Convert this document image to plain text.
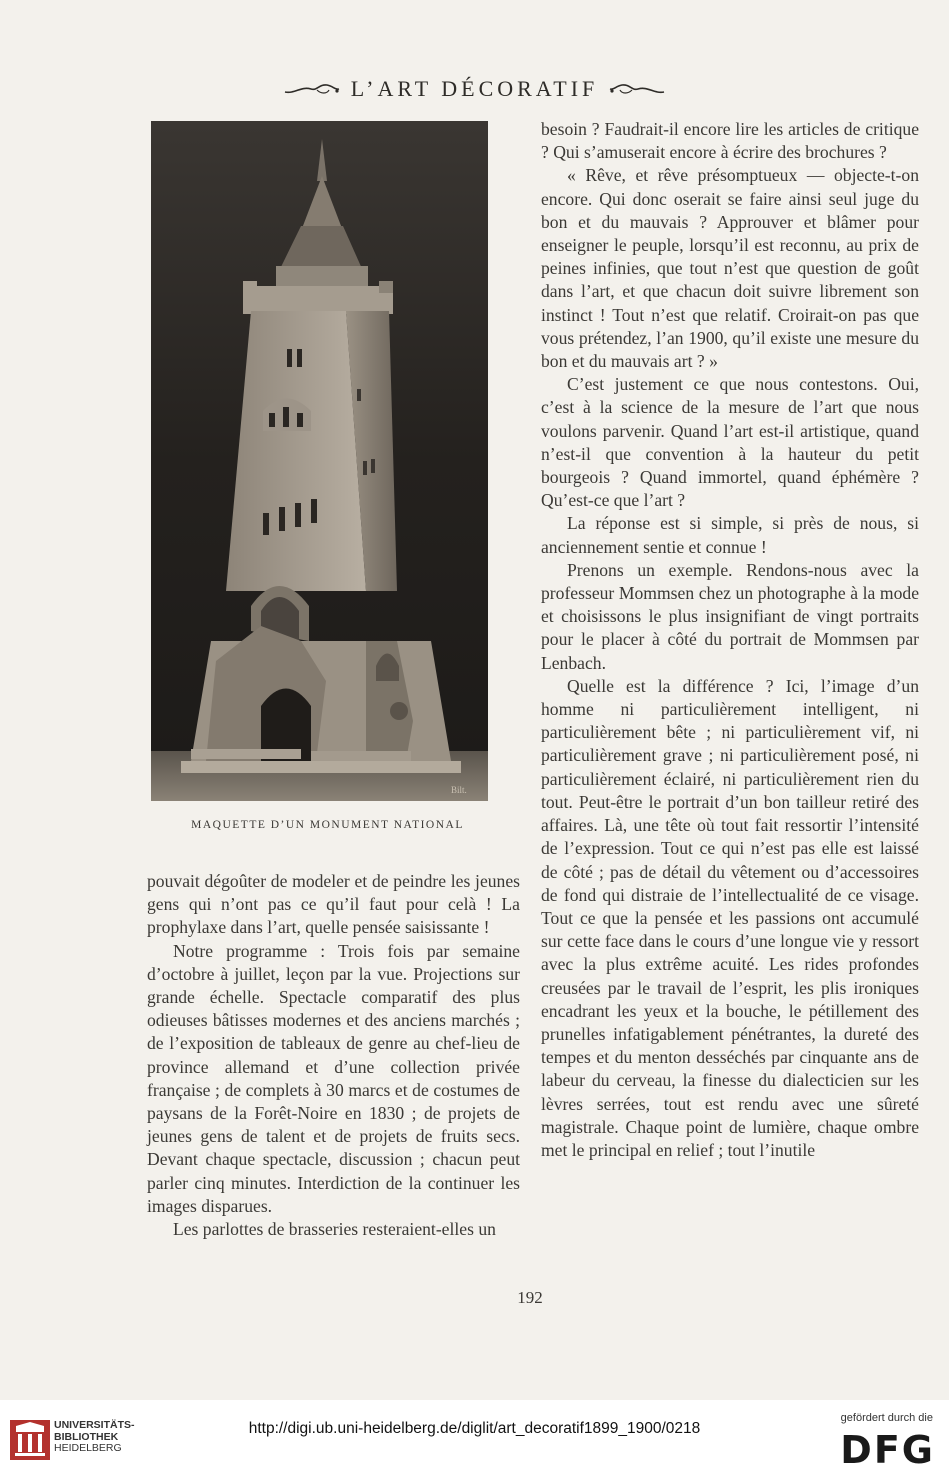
L’ART DÉCORATIF
Bilt.
MAQUETTE D’UN MONUMENT NATIONAL

pouvait dégoûter de modeler et de peindre les jeunes gens qui n’ont pas ce qu’il faut pour celà ! La prophylaxe dans l’art, quelle pensée saisissante !

Notre programme : Trois fois par semaine d’octobre à juillet, leçon par la vue. Projections sur grande échelle. Spectacle comparatif des plus odieuses bâtisses modernes et des anciens marchés ; de l’exposition de tableaux de genre au chef-lieu de province allemand et d’une collection privée française ; de complets à 30 marcs et de costumes de paysans de la Forêt-Noire en 1830 ; de projets de jeunes gens de talent et de projets de fruits secs. Devant chaque spectacle, discussion ; chacun peut parler cinq minutes. Interdiction de la continuer les images disparues.

Les parlottes de brasseries resteraient-elles un

besoin ? Faudrait-il encore lire les articles de critique ? Qui s’amuserait encore à écrire des brochures ?

« Rêve, et rêve présomptueux — objecte-t-on encore. Qui donc oserait se faire ainsi seul juge du bon et du mauvais ? Approuver et blâmer pour enseigner le peuple, lorsqu’il est reconnu, au prix de peines infinies, que tout n’est que question de goût dans l’art, et que chacun doit suivre librement son instinct ! Tout n’est que relatif. Croirait-on pas que vous prétendez, l’an 1900, qu’il existe une mesure du bon et du mauvais art ? »

C’est justement ce que nous contestons. Oui, c’est à la science de la mesure de l’art que nous voulons parvenir. Quand l’art est-il artistique, quand n’est-il que convention à la hauteur du petit bourgeois ? Quand immortel, quand éphémère ? Qu’est-ce que l’art ?

La réponse est si simple, si près de nous, si anciennement sentie et connue !

Prenons un exemple. Rendons-nous avec la professeur Mommsen chez un photographe à la mode et choisissons le plus insignifiant de vingt portraits pour le placer à côté du portrait de Mommsen par Lenbach.

Quelle est la différence ? Ici, l’image d’un homme ni particulièrement intelligent, ni particulièrement bête ; ni particulièrement vif, ni particulièrement grave ; ni particulièrement posé, ni particulièrement éclairé, ni particulièrement rien du tout. Peut-être le portrait d’un bon tailleur retiré des affaires. Là, une tête où tout fait ressortir l’intensité de l’expression. Tout ce qui n’est pas elle est laissé de côté ; pas de détail du vêtement ou d’accessoires de fond qui distraie de l’intellectualité de ce visage. Tout ce que la pensée et les passions ont accumulé sur cette face dans le cours d’une longue vie y ressort avec la plus extrême acuité. Les rides profondes creusées par le travail de l’esprit, les plis ironiques encadrant les yeux et la bouche, le pétillement des prunelles infatigablement pénétrantes, la dureté des tempes et du menton desséchés par cinquante ans de labeur du cerveau, la finesse du dialecticien sur les lèvres serrées, tout est rendu avec une sûreté magistrale. Chaque point de lumière, chaque ombre met le principal en relief ; tout l’inutile

192
UNIVERSITÄTS-
BIBLIOTHEK
HEIDELBERG
http://digi.ub.uni-heidelberg.de/diglit/art_decoratif1899_1900/0218
gefördert durch die
DFG
